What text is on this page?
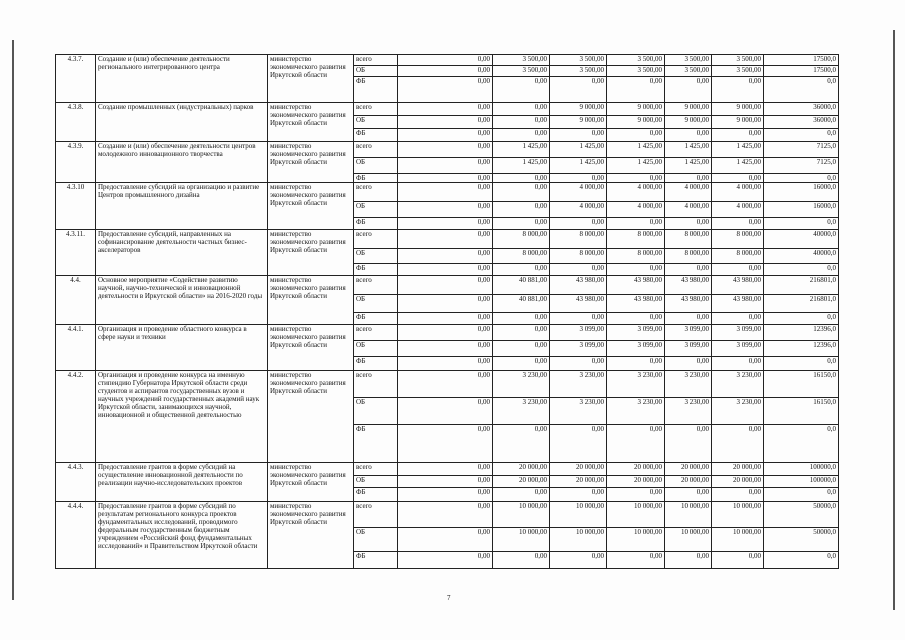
4.3.7.	Создание и (или) обеспечение деятельности регионального интегрированного центра	министерство экономического развития Иркутской области	всего	0,00	3 500,00	3 500,00	3 500,00	3 500,00	3 500,00	17500,0
			ОБ	0,00	3 500,00	3 500,00	3 500,00	3 500,00	3 500,00	17500,0
			ФБ	0,00	0,00	0,00	0,00	0,00	0,00	0,0
4.3.8.	Создание промышленных (индустриальных) парков	министерство экономического развития Иркутской области	всего	0,00	0,00	9 000,00	9 000,00	9 000,00	9 000,00	36000,0
			ОБ	0,00	0,00	9 000,00	9 000,00	9 000,00	9 000,00	36000,0
			ФБ	0,00	0,00	0,00	0,00	0,00	0,00	0,0
4.3.9.	Создание и (или) обеспечение деятельности центров молодежного инновационного творчества	министерство экономического развития Иркутской области	всего	0,00	1 425,00	1 425,00	1 425,00	1 425,00	1 425,00	7125,0
			ОБ	0,00	1 425,00	1 425,00	1 425,00	1 425,00	1 425,00	7125,0
			ФБ	0,00	0,00	0,00	0,00	0,00	0,00	0,0
4.3.10	Предоставление субсидий на организацию и развитие Центров промышленного дизайна	министерство экономического развития Иркутской области	всего	0,00	0,00	4 000,00	4 000,00	4 000,00	4 000,00	16000,0
			ОБ	0,00	0,00	4 000,00	4 000,00	4 000,00	4 000,00	16000,0
			ФБ	0,00	0,00	0,00	0,00	0,00	0,00	0,0
4.3.11.	Предоставление субсидий, направленных на софинансирование деятельности частных бизнес-акселераторов	министерство экономического развития Иркутской области	всего	0,00	8 000,00	8 000,00	8 000,00	8 000,00	8 000,00	40000,0
			ОБ	0,00	8 000,00	8 000,00	8 000,00	8 000,00	8 000,00	40000,0
			ФБ	0,00	0,00	0,00	0,00	0,00	0,00	0,0
4.4.	Основное мероприятие «Содействие развитию научной, научно-технической и инновационной деятельности в Иркутской области» на 2016-2020 годы	министерство экономического развития Иркутской области	всего	0,00	40 881,00	43 980,00	43 980,00	43 980,00	43 980,00	216801,0
			ОБ	0,00	40 881,00	43 980,00	43 980,00	43 980,00	43 980,00	216801,0
			ФБ	0,00	0,00	0,00	0,00	0,00	0,00	0,0
4.4.1.	Организация и проведение областного конкурса в сфере науки и техники	министерство экономического развития Иркутской области	всего	0,00	0,00	3 099,00	3 099,00	3 099,00	3 099,00	12396,0
			ОБ	0,00	0,00	3 099,00	3 099,00	3 099,00	3 099,00	12396,0
			ФБ	0,00	0,00	0,00	0,00	0,00	0,00	0,0
4.4.2.	Организация и проведение конкурса на именную стипендию Губернатора Иркутской области среди студентов и аспирантов государственных вузов и научных учреждений государственных академий наук Иркутской области, занимающихся научной, инновационной и общественной деятельностью	министерство экономического развития Иркутской области	всего	0,00	3 230,00	3 230,00	3 230,00	3 230,00	3 230,00	16150,0
			ОБ	0,00	3 230,00	3 230,00	3 230,00	3 230,00	3 230,00	16150,0
			ФБ	0,00	0,00	0,00	0,00	0,00	0,00	0,0
4.4.3.	Предоставление грантов в форме субсидий на осуществление инновационной деятельности по реализации научно-исследовательских проектов	министерство экономического развития Иркутской области	всего	0,00	20 000,00	20 000,00	20 000,00	20 000,00	20 000,00	100000,0
			ОБ	0,00	20 000,00	20 000,00	20 000,00	20 000,00	20 000,00	100000,0
			ФБ	0,00	0,00	0,00	0,00	0,00	0,00	0,0
4.4.4.	Предоставление грантов в форме субсидий по результатам регионального конкурса проектов фундаментальных исследований, проводимого федеральным государственным бюджетным учреждением «Российский фонд фундаментальных исследований» и Правительством Иркутской области	министерство экономического развития Иркутской области	всего	0,00	10 000,00	10 000,00	10 000,00	10 000,00	10 000,00	50000,0
			ОБ	0,00	10 000,00	10 000,00	10 000,00	10 000,00	10 000,00	50000,0
			ФБ	0,00	0,00	0,00	0,00	0,00	0,00	0,0
7
